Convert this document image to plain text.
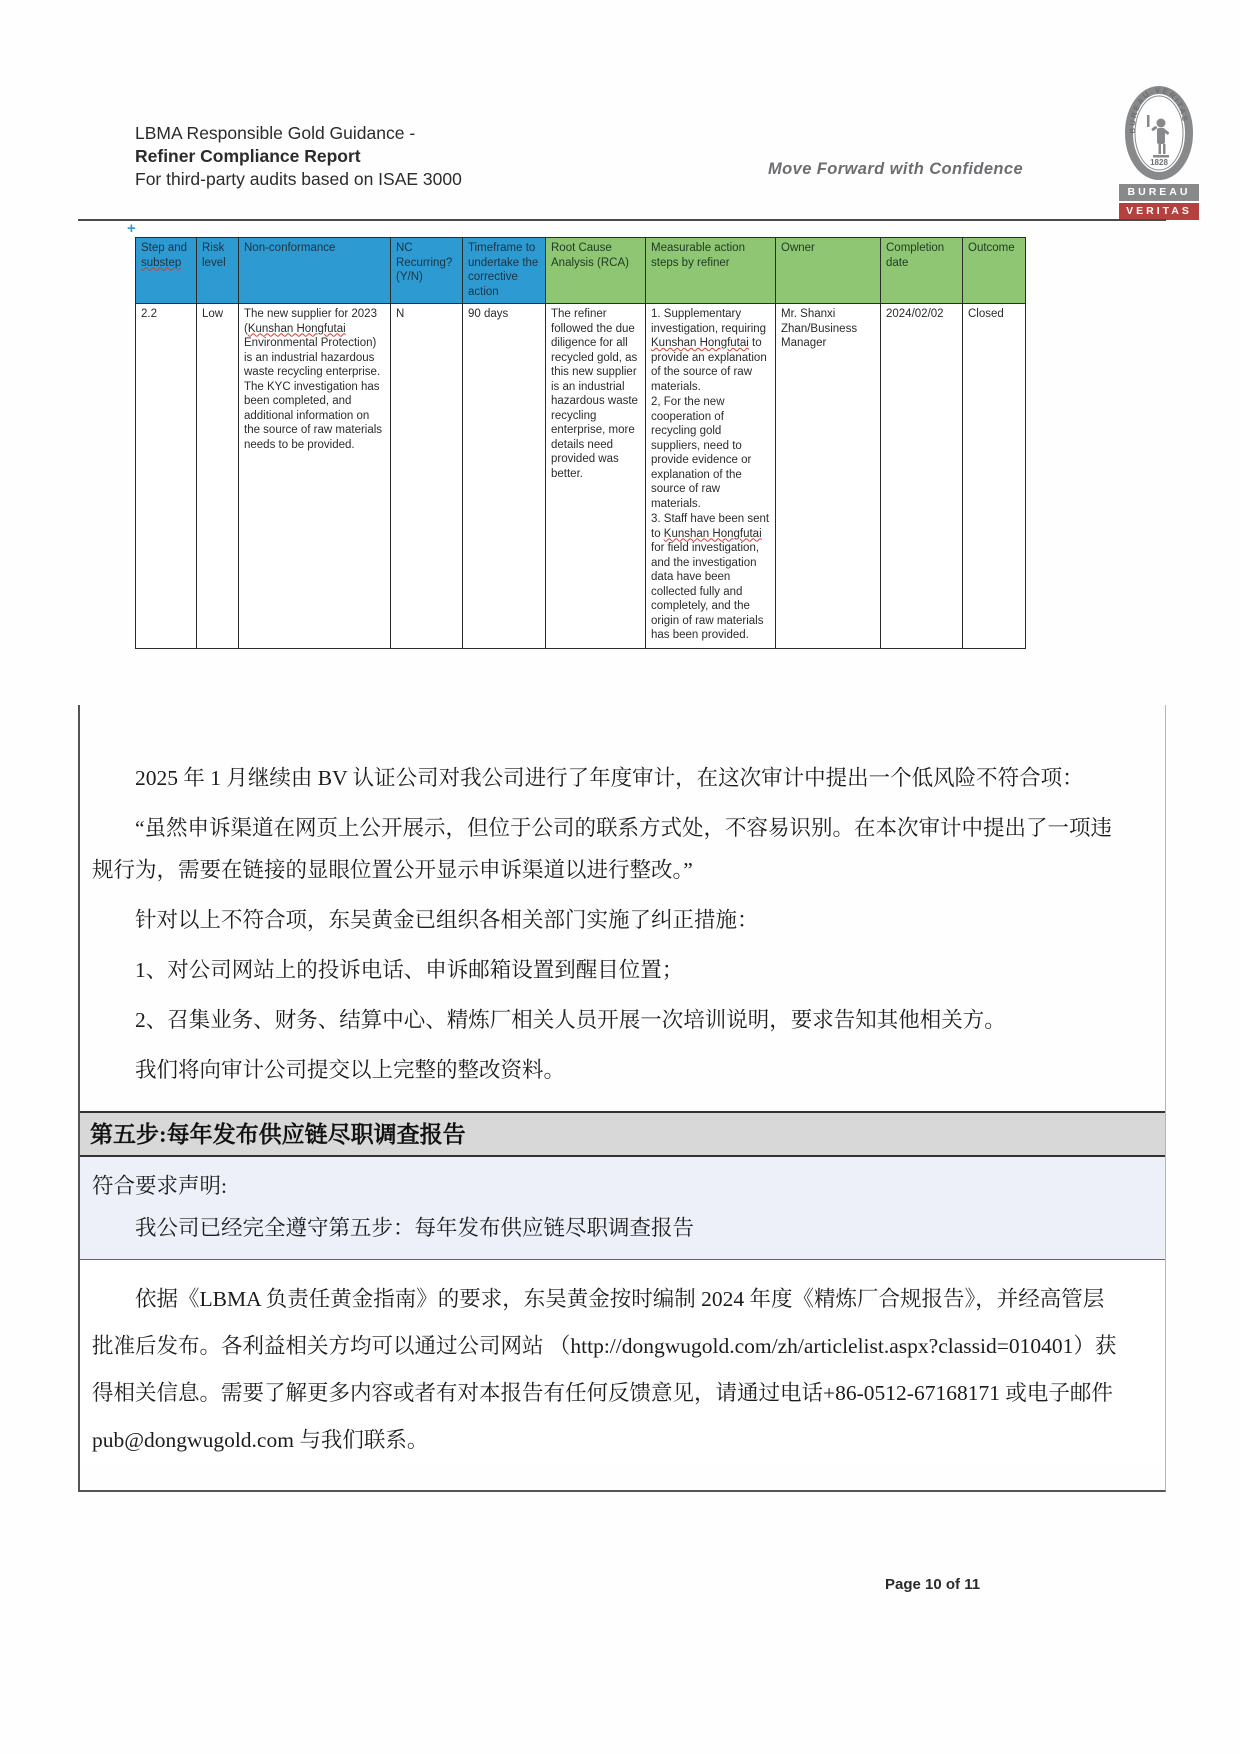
LBMA Responsible Gold Guidance -
Refiner Compliance Report
For third-party audits based on ISAE 3000	Move Forward with Confidence
BUREAU VERITAS
1828
BUREAU
VERITAS
+
Step and substep	Risk level	Non-conformance	NC Recurring? (Y/N)	Timeframe to undertake the corrective action	Root Cause Analysis (RCA)	Measurable action steps by refiner	Owner	Completion date	Outcome
2.2	Low	The new supplier for 2023 (Kunshan Hongfutai Environmental Protection) is an industrial hazardous waste recycling enterprise. The KYC investigation has been completed, and additional information on the source of raw materials needs to be provided.	N	90 days	The refiner followed the due diligence for all recycled gold, as this new supplier is an industrial hazardous waste recycling enterprise, more details need provided was better.	
1. Supplementary investigation, requiring Kunshan Hongfutai to provide an explanation of the source of raw materials.
2, For the new cooperation of recycling gold suppliers, need to provide evidence or explanation of the source of raw materials.
3. Staff have been sent to Kunshan Hongfutai for field investigation, and the investigation data have been collected fully and completely, and the origin of raw materials has been provided.
	Mr. Shanxi Zhan/Business Manager	2024/02/02	Closed

2025 年 1 月继续由 BV 认证公司对我公司进行了年度审计，在这次审计中提出一个低风险不符合项：

“虽然申诉渠道在网页上公开展示，但位于公司的联系方式处，不容易识别。在本次审计中提出了一项违规行为，需要在链接的显眼位置公开显示申诉渠道以进行整改。”

针对以上不符合项，东吴黄金已组织各相关部门实施了纠正措施：

1、对公司网站上的投诉电话、申诉邮箱设置到醒目位置；

2、召集业务、财务、结算中心、精炼厂相关人员开展一次培训说明，要求告知其他相关方。

我们将向审计公司提交以上完整的整改资料。

第五步:每年发布供应链尽职调查报告

符合要求声明:

我公司已经完全遵守第五步：每年发布供应链尽职调查报告

依据《LBMA 负责任黄金指南》的要求，东吴黄金按时编制 2024 年度《精炼厂合规报告》，并经高管层批准后发布。各利益相关方均可以通过公司网站 （http://dongwugold.com/zh/articlelist.aspx?classid=010401）获得相关信息。需要了解更多内容或者有对本报告有任何反馈意见，请通过电话+86-0512-67168171 或电子邮件 pub@dongwugold.com 与我们联系。

Page 10 of 11
